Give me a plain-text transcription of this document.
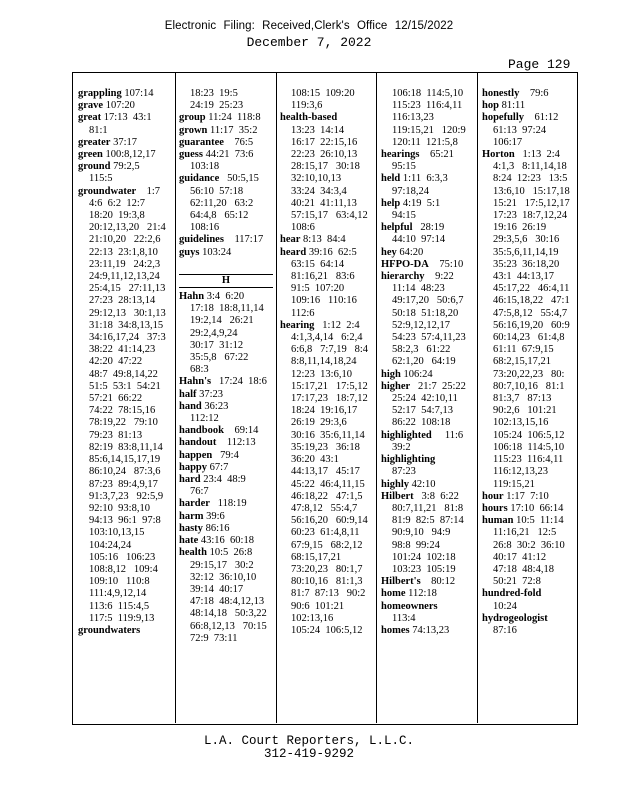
Electronic Filing: Received,Clerk's Office 12/15/2022
December 7, 2022
Page 129
grappling 107:14
grave 107:20
great 17:13  43:1
81:1
greater 37:17
green 100:8,12,17
ground 79:2,5
115:5
groundwater    1:7
4:6  6:2  12:7
18:20  19:3,8
20:12,13,20   21:4
21:10,20   22:2,6
22:13  23:1,8,10
23:11,19   24:2,3
24:9,11,12,13,24
25:4,15   27:11,13
27:23  28:13,14
29:12,13   30:1,13
31:18  34:8,13,15
34:16,17,24   37:3
38:22  41:14,23
42:20  47:22
48:7  49:8,14,22
51:5  53:1  54:21
57:21  66:22
74:22  78:15,16
78:19,22   79:10
79:23  81:13
82:19  83:8,11,14
85:6,14,15,17,19
86:10,24   87:3,6
87:23  89:4,9,17
91:3,7,23   92:5,9
92:10  93:8,10
94:13  96:1  97:8
103:10,13,15
104:24,24
105:16   106:23
108:8,12   109:4
109:10   110:8
111:4,9,12,14
113:6  115:4,5
117:5  119:9,13
groundwaters
18:23  19:5
24:19  25:23
group 11:24  118:8
grown 11:17  35:2
guarantee    76:5
guess 44:21  73:6
103:18
guidance   50:5,15
56:10  57:18
62:11,20   63:2
64:4,8   65:12
108:16
guidelines    117:17
guys 103:24
H
Hahn 3:4  6:20
17:18  18:8,11,14
19:2,14   26:21
29:2,4,9,24
30:17  31:12
35:5,8   67:22
68:3
Hahn's   17:24  18:6
half 37:23
hand 36:23
112:12
handbook    69:14
handout    112:13
happen   79:4
happy 67:7
hard 23:4  48:9
76:7
harder   118:19
harm 39:6
hasty 86:16
hate 43:16  60:18
health 10:5  26:8
29:15,17   30:2
32:12  36:10,10
39:14  40:17
47:18  48:4,12,13
48:14,18   50:3,22
66:8,12,13   70:15
72:9  73:11
108:15  109:20
119:3,6
health-based
13:23  14:14
16:17  22:15,16
22:23  26:10,13
28:15,17   30:18
32:10,10,13
33:24  34:3,4
40:21  41:11,13
57:15,17   63:4,12
108:6
hear 8:13  84:4
heard 39:16  62:5
63:15  64:14
81:16,21   83:6
91:5  107:20
109:16   110:16
112:6
hearing   1:12  2:4
4:1,3,4,14   6:2,4
6:6,8   7:7,19   8:4
8:8,11,14,18,24
12:23  13:6,10
15:17,21   17:5,12
17:17,23   18:7,12
18:24  19:16,17
26:19  29:3,6
30:16  35:6,11,14
35:19,23   36:18
36:20  43:1
44:13,17   45:17
45:22  46:4,11,15
46:18,22   47:1,5
47:8,12   55:4,7
56:16,20   60:9,14
60:23  61:4,8,11
67:9,15   68:2,12
68:15,17,21
73:20,23   80:1,7
80:10,16   81:1,3
81:7  87:13   90:2
90:6  101:21
102:13,16
105:24  106:5,12
106:18  114:5,10
115:23  116:4,11
116:13,23
119:15,21   120:9
120:11  121:5,8
hearings    65:21
95:15
held 1:11  6:3,3
97:18,24
help 4:19  5:1
94:15
helpful   28:19
44:10  97:14
hey 64:20
HFPO-DA    75:10
hierarchy    9:22
11:14  48:23
49:17,20   50:6,7
50:18  51:18,20
52:9,12,12,17
54:23  57:4,11,23
58:2,3   61:22
62:1,20   64:19
high 106:24
higher   21:7  25:22
25:24  42:10,11
52:17  54:7,13
86:22  108:18
highlighted     11:6
39:2
highlighting
87:23
highly 42:10
Hilbert   3:8  6:22
80:7,11,21   81:8
81:9  82:5  87:14
90:9,10   94:9
98:8  99:24
101:24  102:18
103:23  105:19
Hilbert's    80:12
home 112:18
homeowners
113:4
homes 74:13,23
honestly    79:6
hop 81:11
hopefully    61:12
61:13  97:24
106:17
Horton   1:13  2:4
4:1,3   8:11,14,18
8:24  12:23   13:5
13:6,10   15:17,18
15:21   17:5,12,17
17:23  18:7,12,24
19:16  26:19
29:3,5,6   30:16
35:5,6,11,14,19
35:23  36:18,20
43:1  44:13,17
45:17,22   46:4,11
46:15,18,22   47:1
47:5,8,12   55:4,7
56:16,19,20   60:9
60:14,23   61:4,8
61:11  67:9,15
68:2,15,17,21
73:20,22,23   80:
80:7,10,16   81:1
81:3,7   87:13
90:2,6   101:21
102:13,15,16
105:24  106:5,12
106:18  114:5,10
115:23  116:4,11
116:12,13,23
119:15,21
hour 1:17  7:10
hours 17:10  66:14
human 10:5  11:14
11:16,21   12:5
26:8  30:2  36:10
40:17  41:12
47:18  48:4,18
50:21  72:8
hundred-fold
10:24
hydrogeologist
87:16
L.A. Court Reporters, L.L.C.
312-419-9292
